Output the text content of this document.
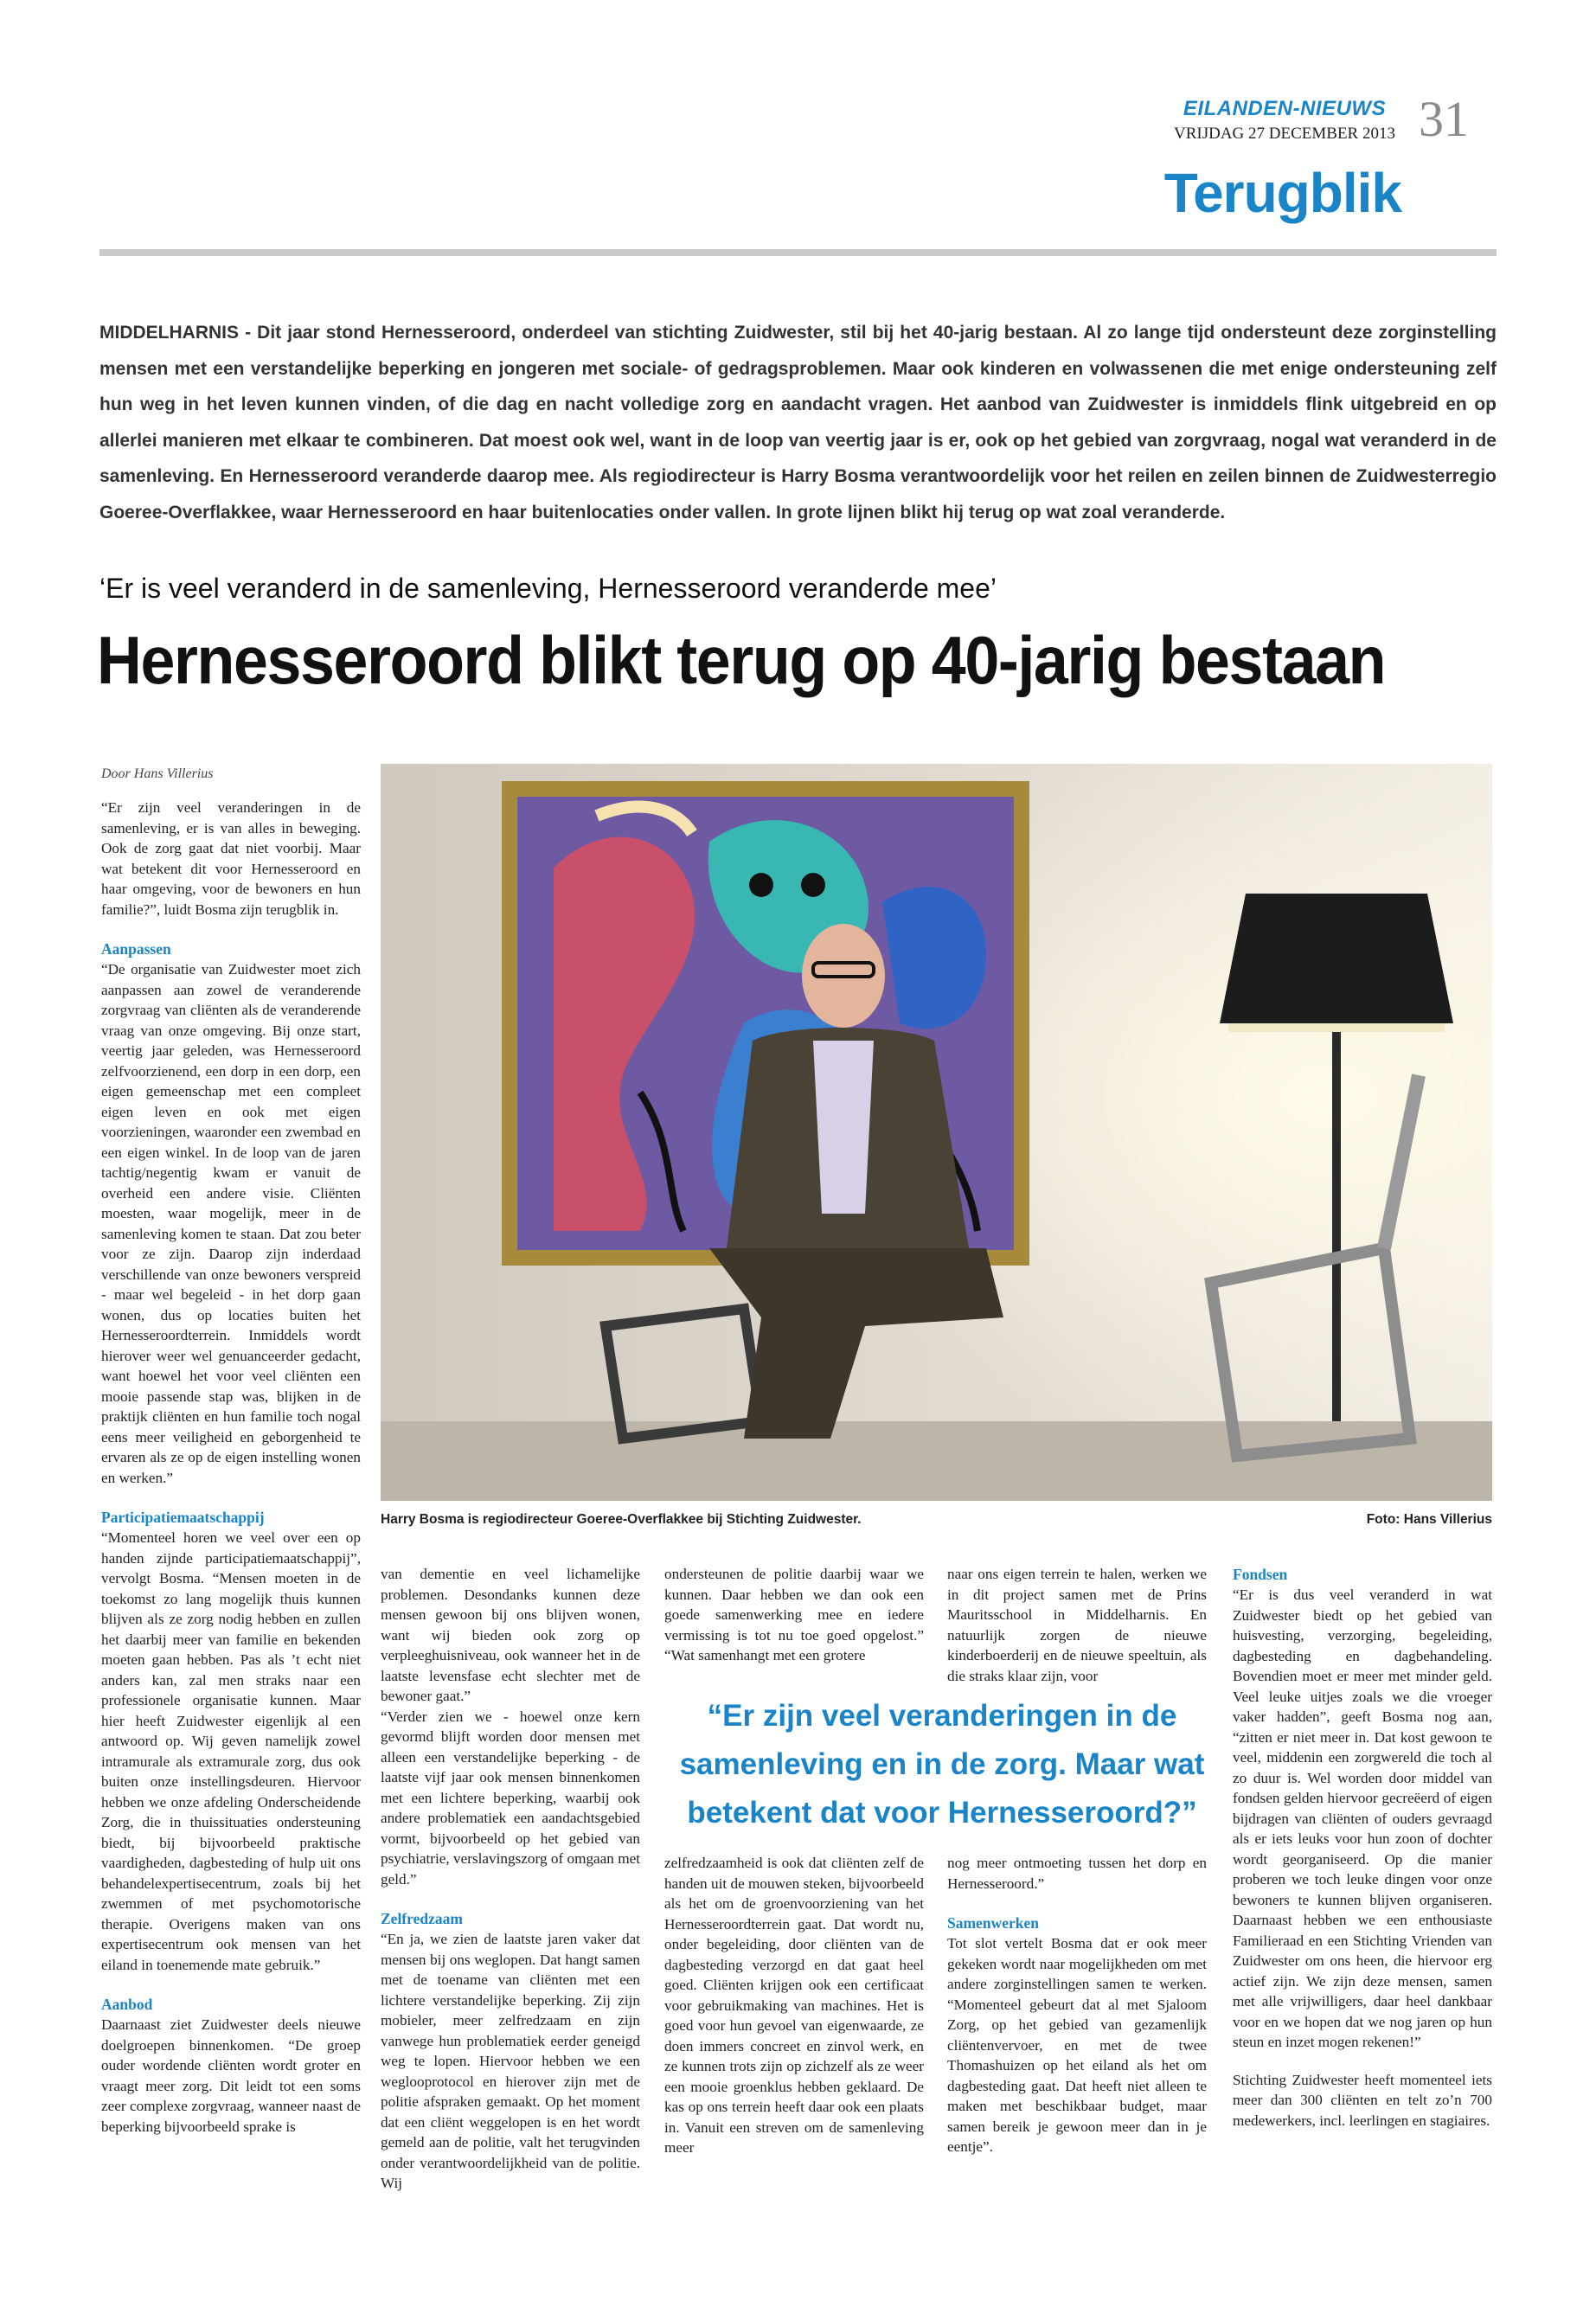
EILANDEN-NIEUWS
VRIJDAG 27 DECEMBER 2013 31
Terugblik
MIDDELHARNIS - Dit jaar stond Hernesseroord, onderdeel van stichting Zuidwester, stil bij het 40-jarig bestaan. Al zo lange tijd ondersteunt deze zorginstelling mensen met een verstandelijke beperking en jongeren met sociale- of gedragsproblemen. Maar ook kinderen en volwassenen die met enige ondersteuning zelf hun weg in het leven kunnen vinden, of die dag en nacht volledige zorg en aandacht vragen. Het aanbod van Zuidwester is inmiddels flink uitgebreid en op allerlei manieren met elkaar te combineren. Dat moest ook wel, want in de loop van veertig jaar is er, ook op het gebied van zorgvraag, nogal wat veranderd in de samenleving. En Hernesseroord veranderde daarop mee. Als regiodirecteur is Harry Bosma verantwoordelijk voor het reilen en zeilen binnen de Zuidwesterregio Goeree-Overflakkee, waar Hernesseroord en haar buitenlocaties onder vallen. In grote lijnen blikt hij terug op wat zoal veranderde.
‘Er is veel veranderd in de samenleving, Hernesseroord veranderde mee’
Hernesseroord blikt terug op 40-jarig bestaan
Door Hans Villerius

“Er zijn veel veranderingen in de samenleving, er is van alles in beweging. Ook de zorg gaat dat niet voorbij. Maar wat betekent dit voor Hernesseroord en haar omgeving, voor de bewoners en hun familie?”, luidt Bosma zijn terugblik in.

Aanpassen

“De organisatie van Zuidwester moet zich aanpassen aan zowel de veranderende zorgvraag van cliënten als de veranderende vraag van onze omgeving. Bij onze start, veertig jaar geleden, was Hernesseroord zelfvoorzienend, een dorp in een dorp, een eigen gemeenschap met een compleet eigen leven en ook met eigen voorzieningen, waaronder een zwembad en een eigen winkel. In de loop van de jaren tachtig/negentig kwam er vanuit de overheid een andere visie. Cliënten moesten, waar mogelijk, meer in de samenleving komen te staan. Dat zou beter voor ze zijn. Daarop zijn inderdaad verschillende van onze bewoners verspreid - maar wel begeleid - in het dorp gaan wonen, dus op locaties buiten het Hernesseroordterrein. Inmiddels wordt hierover weer wel genuanceerder gedacht, want hoewel het voor veel cliënten een mooie passende stap was, blijken in de praktijk cliënten en hun familie toch nogal eens meer veiligheid en geborgenheid te ervaren als ze op de eigen instelling wonen en werken.”

Participatiemaatschappij

“Momenteel horen we veel over een op handen zijnde participatiemaatschappij”, vervolgt Bosma. “Mensen moeten in de toekomst zo lang mogelijk thuis kunnen blijven als ze zorg nodig hebben en zullen het daarbij meer van familie en bekenden moeten gaan hebben. Pas als ’t echt niet anders kan, zal men straks naar een professionele organisatie kunnen. Maar hier heeft Zuidwester eigenlijk al een antwoord op. Wij geven namelijk zowel intramurale als extramurale zorg, dus ook buiten onze instellingsdeuren. Hiervoor hebben we onze afdeling Onderscheidende Zorg, die in thuissituaties ondersteuning biedt, bij bijvoorbeeld praktische vaardigheden, dagbesteding of hulp uit ons behandelexpertisecentrum, zoals bij het zwemmen of met psychomotorische therapie. Overigens maken van ons expertisecentrum ook mensen van het eiland in toenemende mate gebruik.”

Aanbod

Daarnaast ziet Zuidwester deels nieuwe doelgroepen binnenkomen. “De groep ouder wordende cliënten wordt groter en vraagt meer zorg. Dit leidt tot een soms zeer complexe zorgvraag, wanneer naast de beperking bijvoorbeeld sprake is

Harry Bosma is regiodirecteur Goeree-Overflakkee bij Stichting Zuidwester.	Foto: Hans Villerius

van dementie en veel lichamelijke problemen. Desondanks kunnen deze mensen gewoon bij ons blijven wonen, want wij bieden ook zorg op verpleeghuisniveau, ook wanneer het in de laatste levensfase echt slechter met de bewoner gaat.”

“Verder zien we - hoewel onze kern gevormd blijft worden door mensen met alleen een verstandelijke beperking - de laatste vijf jaar ook mensen binnenkomen met een lichtere beperking, waarbij ook andere problematiek een aandachtsgebied vormt, bijvoorbeeld op het gebied van psychiatrie, verslavingszorg of omgaan met geld.”

Zelfredzaam

“En ja, we zien de laatste jaren vaker dat mensen bij ons weglopen. Dat hangt samen met de toename van cliënten met een lichtere verstandelijke beperking. Zij zijn mobieler, meer zelfredzaam en zijn vanwege hun problematiek eerder geneigd weg te lopen. Hiervoor hebben we een weglooprotocol en hierover zijn met de politie afspraken gemaakt. Op het moment dat een cliënt weggelopen is en het wordt gemeld aan de politie, valt het terugvinden onder verantwoordelijkheid van de politie. Wij

ondersteunen de politie daarbij waar we kunnen. Daar hebben we dan ook een goede samenwerking mee en iedere vermissing is tot nu toe goed opgelost.” “Wat samenhangt met een grotere

zelfredzaamheid is ook dat cliënten zelf de handen uit de mouwen steken, bijvoorbeeld als het om de groenvoorziening van het Hernesseroordterrein gaat. Dat wordt nu, onder begeleiding, door cliënten van de dagbesteding verzorgd en dat gaat heel goed. Cliënten krijgen ook een certificaat voor gebruikmaking van machines. Het is goed voor hun gevoel van eigenwaarde, ze doen immers concreet en zinvol werk, en ze kunnen trots zijn op zichzelf als ze weer een mooie groenklus hebben geklaard. De kas op ons terrein heeft daar ook een plaats in. Vanuit een streven om de samenleving meer

naar ons eigen terrein te halen, werken we in dit project samen met de Prins Mauritsschool in Middelharnis. En natuurlijk zorgen de nieuwe kinderboerderij en de nieuwe speeltuin, als die straks klaar zijn, voor

nog meer ontmoeting tussen het dorp en Hernesseroord.”

Samenwerken

Tot slot vertelt Bosma dat er ook meer gekeken wordt naar mogelijkheden om met andere zorginstellingen samen te werken. “Momenteel gebeurt dat al met Sjaloom Zorg, op het gebied van gezamenlijk cliëntenvervoer, en met de twee Thomashuizen op het eiland als het om dagbesteding gaat. Dat heeft niet alleen te maken met beschikbaar budget, maar samen bereik je gewoon meer dan in je eentje”.

“Er zijn veel veranderingen in de samenleving en in de zorg. Maar wat betekent dat voor Hernesseroord?”
Fondsen

“Er is dus veel veranderd in wat Zuidwester biedt op het gebied van huisvesting, verzorging, begeleiding, dagbesteding en dagbehandeling. Bovendien moet er meer met minder geld. Veel leuke uitjes zoals we die vroeger vaker hadden”, geeft Bosma nog aan, “zitten er niet meer in. Dat kost gewoon te veel, middenin een zorgwereld die toch al zo duur is. Wel worden door middel van fondsen gelden hiervoor gecreëerd of eigen bijdragen van cliënten of ouders gevraagd als er iets leuks voor hun zoon of dochter wordt georganiseerd. Op die manier proberen we toch leuke dingen voor onze bewoners te kunnen blijven organiseren. Daarnaast hebben we een enthousiaste Familieraad en een Stichting Vrienden van Zuidwester om ons heen, die hiervoor erg actief zijn. We zijn deze mensen, samen met alle vrijwilligers, daar heel dankbaar voor en we hopen dat we nog jaren op hun steun en inzet mogen rekenen!”

Stichting Zuidwester heeft momenteel iets meer dan 300 cliënten en telt zo’n 700 medewerkers, incl. leerlingen en stagiaires.
